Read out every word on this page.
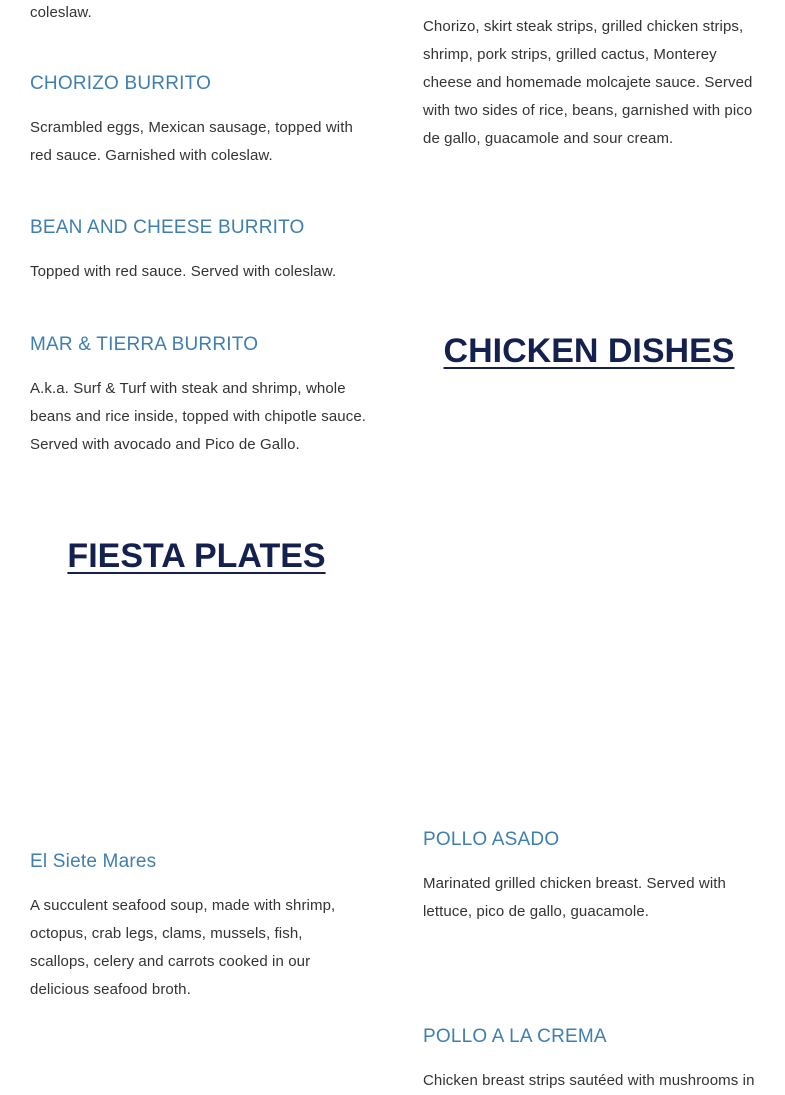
coleslaw.
CHORIZO BURRITO
Scrambled eggs, Mexican sausage, topped with red sauce. Garnished with coleslaw.
BEAN AND CHEESE BURRITO
Topped with red sauce. Served with coleslaw.
MAR & TIERRA BURRITO
A.k.a. Surf & Turf with steak and shrimp, whole beans and rice inside, topped with chipotle sauce. Served with avocado and Pico de Gallo.
FIESTA PLATES
El Siete Mares
A succulent seafood soup, made with shrimp, octopus, crab legs, clams, mussels, fish, scallops, celery and carrots cooked in our delicious seafood broth.
Chorizo, skirt steak strips, grilled chicken strips, shrimp, pork strips, grilled cactus, Monterey cheese and homemade molcajete sauce. Served with two sides of rice, beans, garnished with pico de gallo, guacamole and sour cream.
CHICKEN DISHES
POLLO ASADO
Marinated grilled chicken breast. Served with lettuce, pico de gallo, guacamole.
POLLO A LA CREMA
Chicken breast strips sautéed with mushrooms in
